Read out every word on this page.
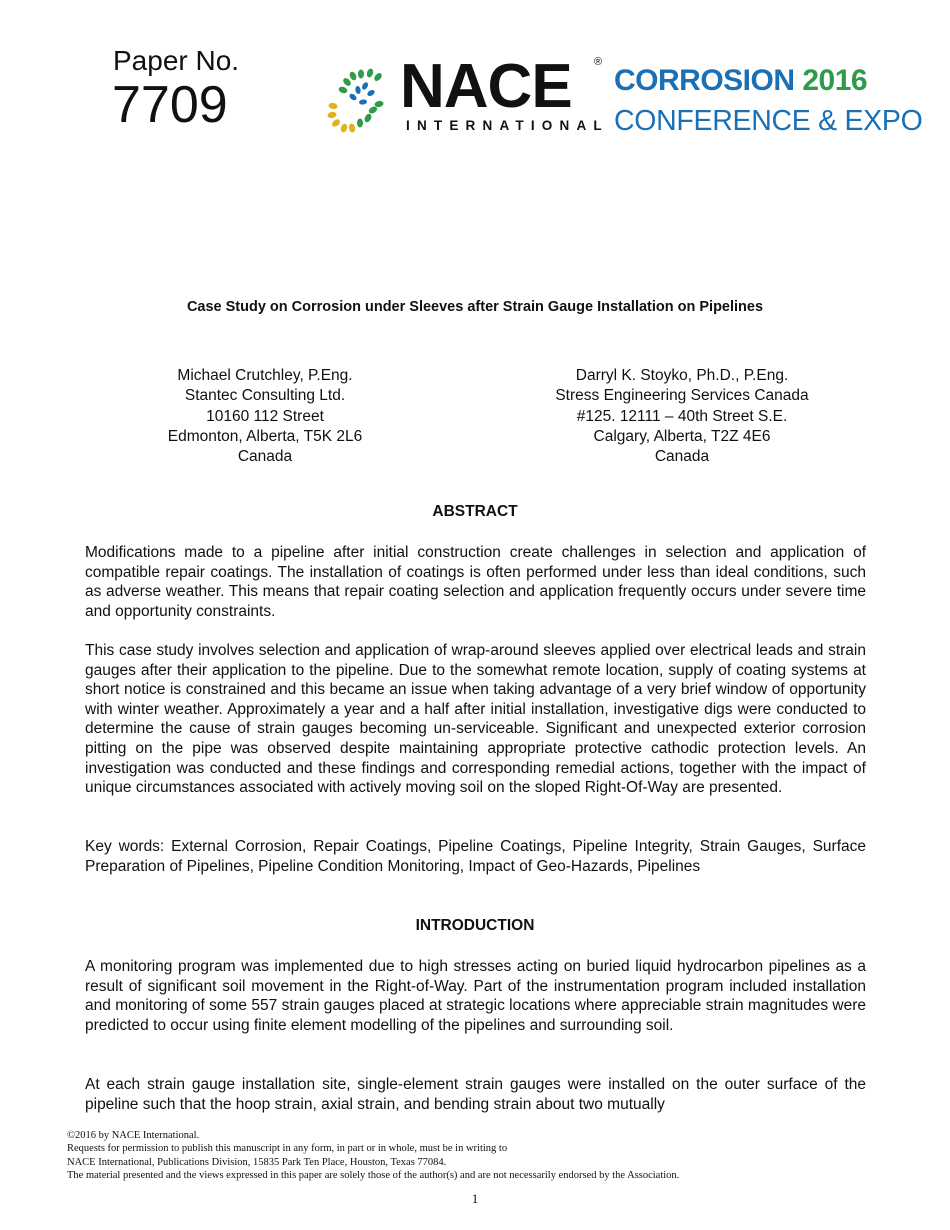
Paper No.
7709	NACE ®
INTERNATIONAL
CORROSION 2016
CONFERENCE & EXPO
Case Study on Corrosion under Sleeves after Strain Gauge Installation on Pipelines
Michael Crutchley, P.Eng.
Stantec Consulting Ltd.
10160 112 Street
Edmonton, Alberta, T5K 2L6
Canada
Darryl K. Stoyko, Ph.D., P.Eng.
Stress Engineering Services Canada
#125. 12111 – 40th Street S.E.
Calgary, Alberta, T2Z 4E6
Canada
ABSTRACT
Modifications made to a pipeline after initial construction create challenges in selection and application of compatible repair coatings. The installation of coatings is often performed under less than ideal conditions, such as adverse weather. This means that repair coating selection and application frequently occurs under severe time and opportunity constraints.
This case study involves selection and application of wrap-around sleeves applied over electrical leads and strain gauges after their application to the pipeline. Due to the somewhat remote location, supply of coating systems at short notice is constrained and this became an issue when taking advantage of a very brief window of opportunity with winter weather. Approximately a year and a half after initial installation, investigative digs were conducted to determine the cause of strain gauges becoming un-serviceable. Significant and unexpected exterior corrosion pitting on the pipe was observed despite maintaining appropriate protective cathodic protection levels. An investigation was conducted and these findings and corresponding remedial actions, together with the impact of unique circumstances associated with actively moving soil on the sloped Right-Of-Way are presented.
Key words: External Corrosion, Repair Coatings, Pipeline Coatings, Pipeline Integrity, Strain Gauges, Surface Preparation of Pipelines, Pipeline Condition Monitoring, Impact of Geo-Hazards, Pipelines
INTRODUCTION
A monitoring program was implemented due to high stresses acting on buried liquid hydrocarbon pipelines as a result of significant soil movement in the Right-of-Way. Part of the instrumentation program included installation and monitoring of some 557 strain gauges placed at strategic locations where appreciable strain magnitudes were predicted to occur using finite element modelling of the pipelines and surrounding soil.
At each strain gauge installation site, single-element strain gauges were installed on the outer surface of the pipeline such that the hoop strain, axial strain, and bending strain about two mutually
©2016 by NACE International.
Requests for permission to publish this manuscript in any form, in part or in whole, must be in writing to
NACE International, Publications Division, 15835 Park Ten Place, Houston, Texas 77084.
The material presented and the views expressed in this paper are solely those of the author(s) and are not necessarily endorsed by the Association.
1
